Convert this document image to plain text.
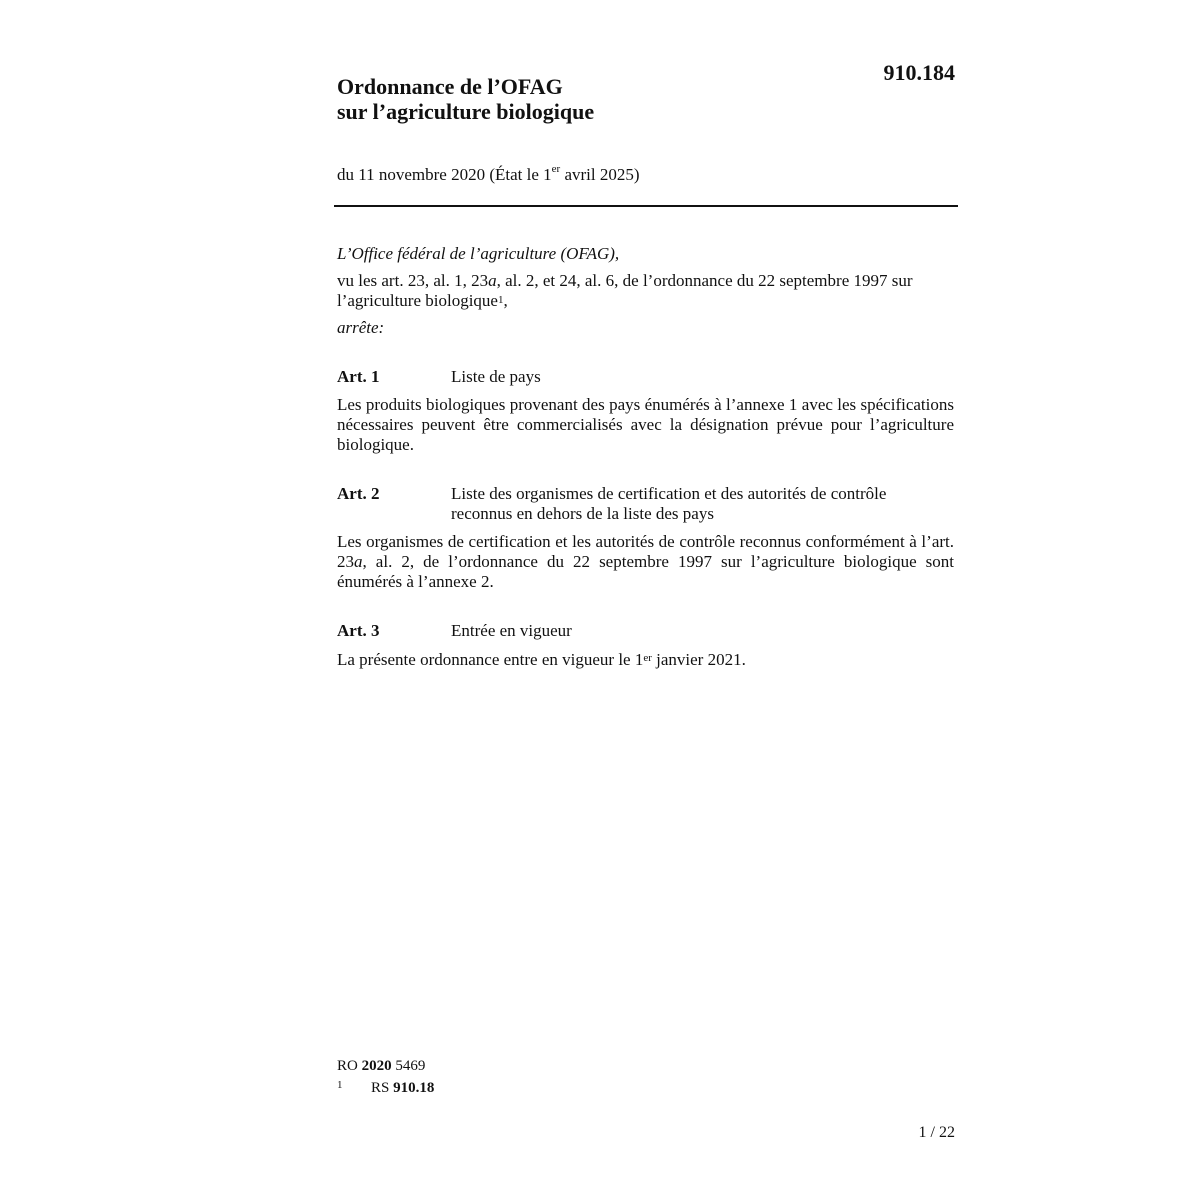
910.184
Ordonnance de l’OFAG
sur l’agriculture biologique
du 11 novembre 2020 (État le 1er avril 2025)
L’Office fédéral de l’agriculture (OFAG),
vu les art. 23, al. 1, 23a, al. 2, et 24, al. 6, de l’ordonnance du 22 septembre 1997 sur l’agriculture biologique$^1$,
arrête:
Art. 1	Liste de pays
Les produits biologiques provenant des pays énumérés à l’annexe 1 avec les spécifications nécessaires peuvent être commercialisés avec la désignation prévue pour l’agriculture biologique.
Art. 2	Liste des organismes de certification et des autorités de contrôle reconnus en dehors de la liste des pays
Les organismes de certification et les autorités de contrôle reconnus conformément à l’art. 23a, al. 2, de l’ordonnance du 22 septembre 1997 sur l’agriculture biologique sont énumérés à l’annexe 2.
Art. 3	Entrée en vigueur
La présente ordonnance entre en vigueur le 1er janvier 2021.
RO 2020 5469
1 RS 910.18
1 / 22
